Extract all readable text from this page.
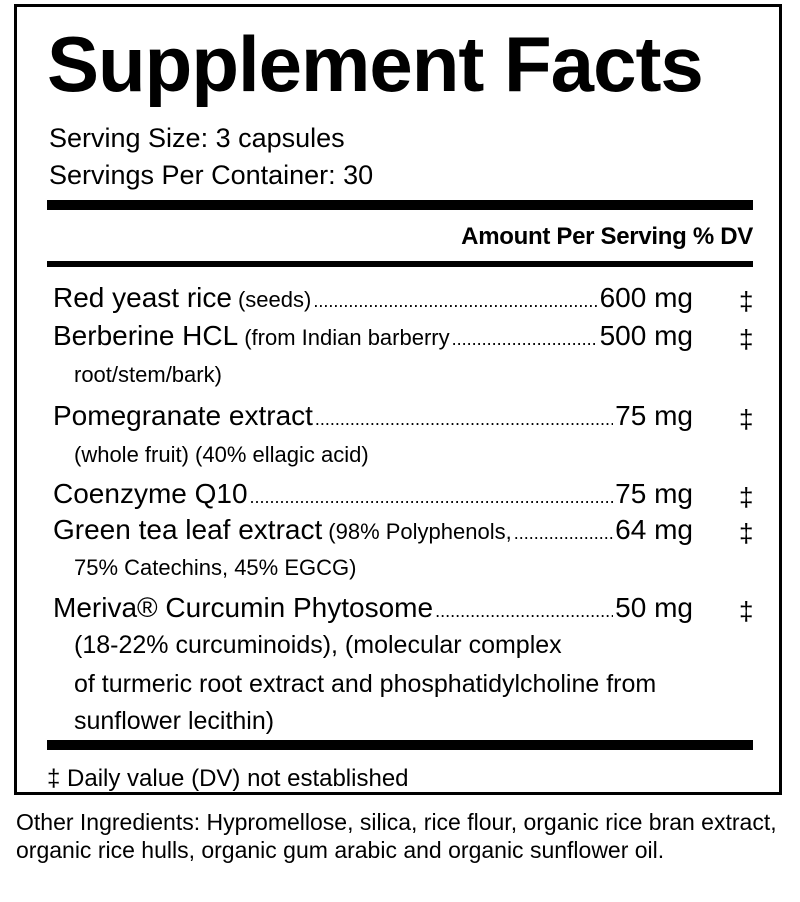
Supplement Facts
Serving Size: 3 capsules
Servings Per Container: 30
Amount Per Serving % DV
Red yeast rice (seeds) .....	600 mg ‡
Berberine HCL (from Indian barberry .....	500 mg ‡
root/stem/bark)
Pomegranate extract .....	75 mg ‡
(whole fruit) (40% ellagic acid)
Coenzyme Q10 .....	75 mg ‡
Green tea leaf extract (98% Polyphenols, .....	64 mg ‡
75% Catechins, 45% EGCG)
Meriva® Curcumin Phytosome .....	50 mg ‡
(18-22% curcuminoids), (molecular complex
of turmeric root extract and phosphatidylcholine from
sunflower lecithin)
‡ Daily value (DV) not established
Other Ingredients: Hypromellose, silica, rice flour, organic rice bran extract, organic rice hulls, organic gum arabic and organic sunflower oil.
